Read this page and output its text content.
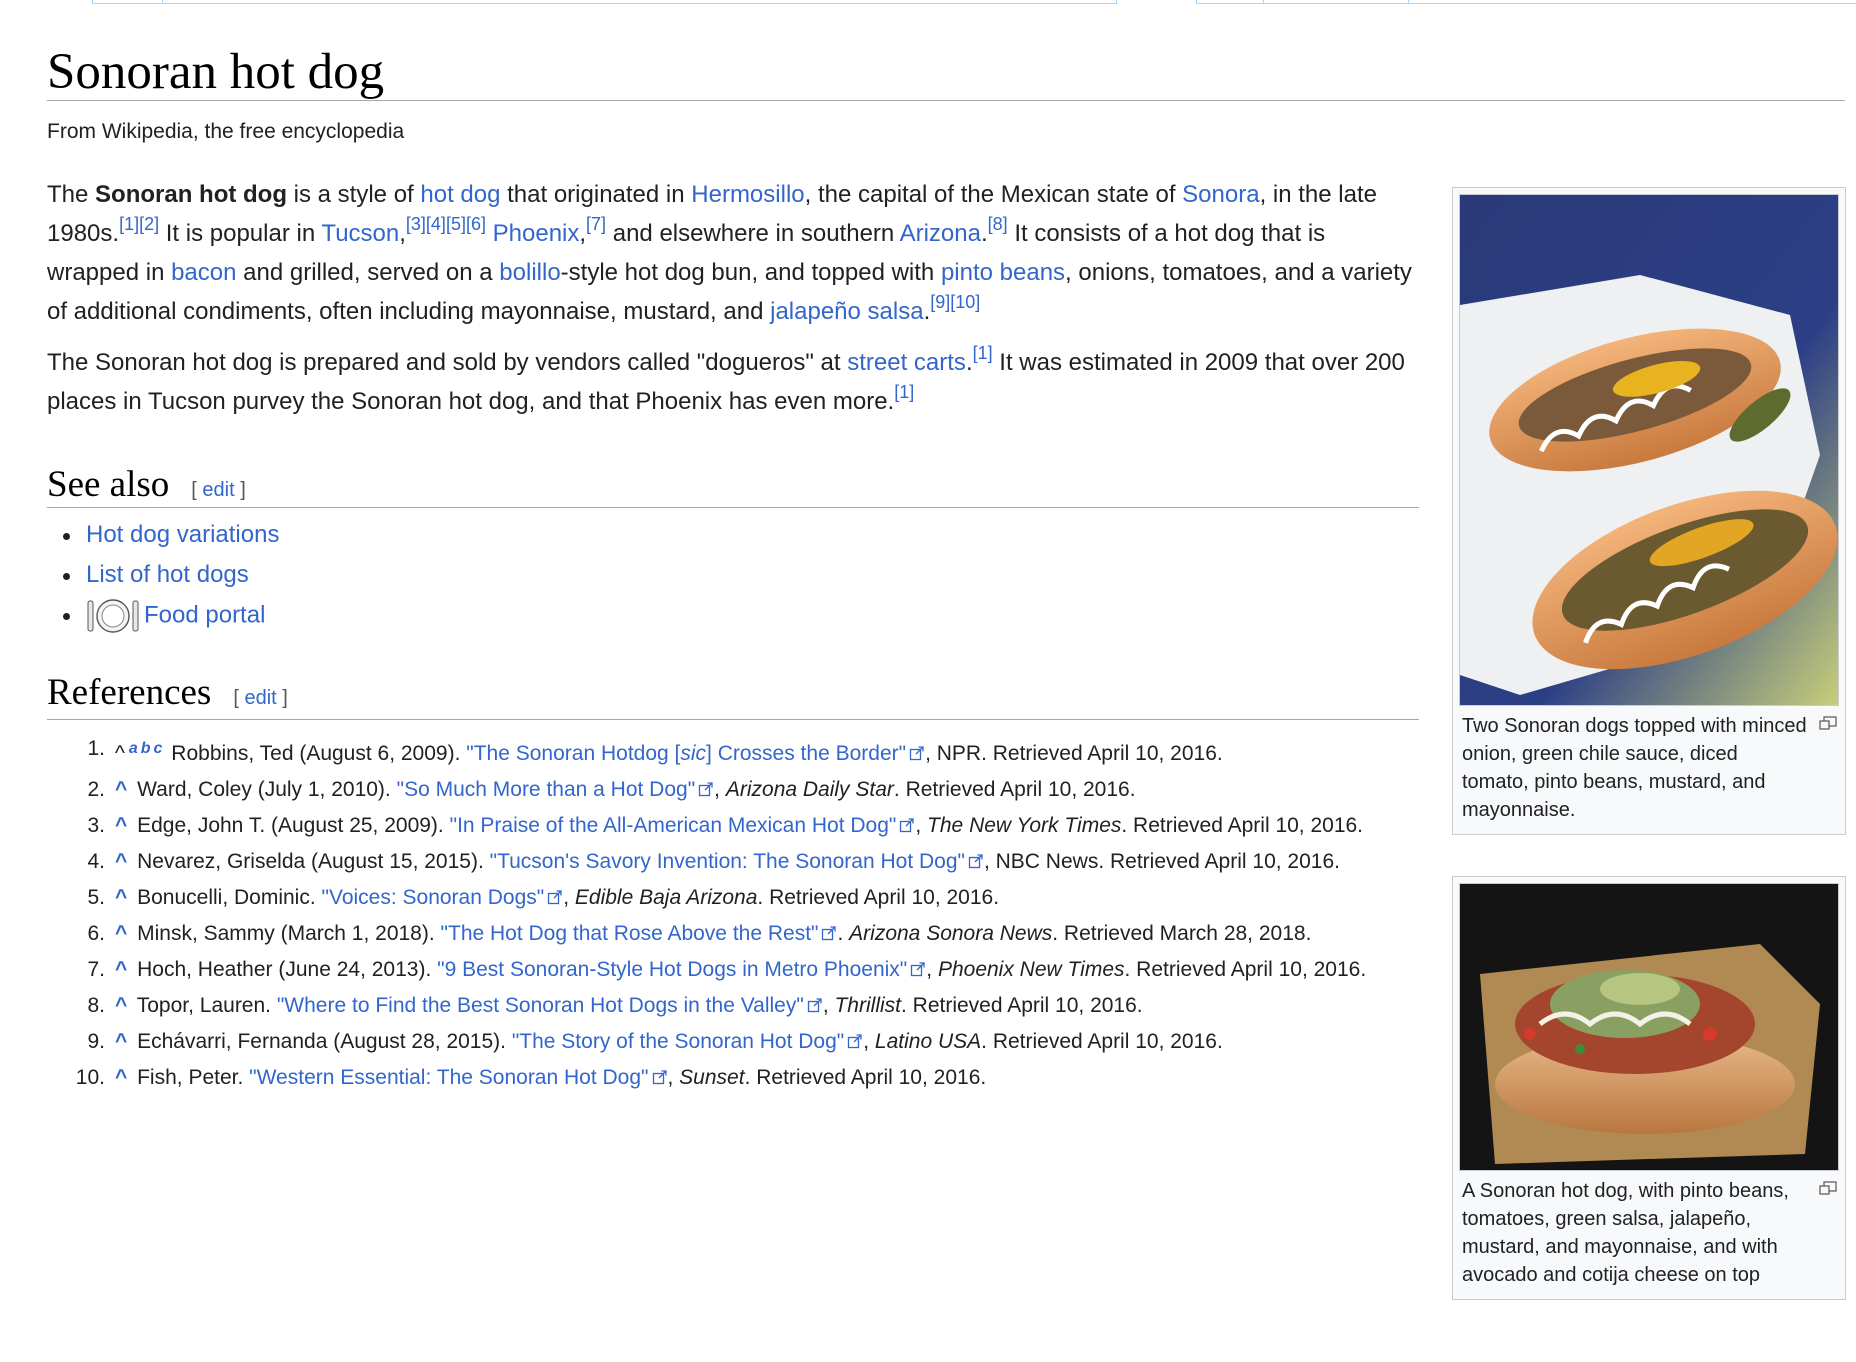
Sonoran hot dog
From Wikipedia, the free encyclopedia

The Sonoran hot dog is a style of hot dog that originated in Hermosillo, the capital of the Mexican state of Sonora, in the late 1980s.[1][2] It is popular in Tucson,[3][4][5][6] Phoenix,[7] and elsewhere in southern Arizona.[8] It consists of a hot dog that is wrapped in bacon and grilled, served on a bolillo-style hot dog bun, and topped with pinto beans, onions, tomatoes, and a variety of additional condiments, often including mayonnaise, mustard, and jalapeño salsa.[9][10]

The Sonoran hot dog is prepared and sold by vendors called "dogueros" at street carts.[1] It was estimated in 2009 that over 200 places in Tucson purvey the Sonoran hot dog, and that Phoenix has even more.[1]

See also [ edit ]
Hot dog variations
List of hot dogs
Food portal
References [ edit ]
1. ^ $^a$ $^b$ $^c$ Robbins, Ted (August 6, 2009). "The Sonoran Hotdog [sic] Crosses the Border" , NPR. Retrieved April 10, 2016.
2. ^ Ward, Coley (July 1, 2010). "So Much More than a Hot Dog" , Arizona Daily Star. Retrieved April 10, 2016.
3. ^ Edge, John T. (August 25, 2009). "In Praise of the All-American Mexican Hot Dog" , The New York Times. Retrieved April 10, 2016.
4. ^ Nevarez, Griselda (August 15, 2015). "Tucson's Savory Invention: The Sonoran Hot Dog" , NBC News. Retrieved April 10, 2016.
5. ^ Bonucelli, Dominic. "Voices: Sonoran Dogs" , Edible Baja Arizona. Retrieved April 10, 2016.
6. ^ Minsk, Sammy (March 1, 2018). "The Hot Dog that Rose Above the Rest" . Arizona Sonora News. Retrieved March 28, 2018.
7. ^ Hoch, Heather (June 24, 2013). "9 Best Sonoran-Style Hot Dogs in Metro Phoenix" , Phoenix New Times. Retrieved April 10, 2016.
8. ^ Topor, Lauren. "Where to Find the Best Sonoran Hot Dogs in the Valley" , Thrillist. Retrieved April 10, 2016.
9. ^ Echávarri, Fernanda (August 28, 2015). "The Story of the Sonoran Hot Dog" , Latino USA. Retrieved April 10, 2016.
10. ^ Fish, Peter. "Western Essential: The Sonoran Hot Dog" , Sunset. Retrieved April 10, 2016.
Two Sonoran dogs topped with minced onion, green chile sauce, diced tomato, pinto beans, mustard, and mayonnaise.
A Sonoran hot dog, with pinto beans, tomatoes, green salsa, jalapeño, mustard, and mayonnaise, and with avocado and cotija cheese on top
